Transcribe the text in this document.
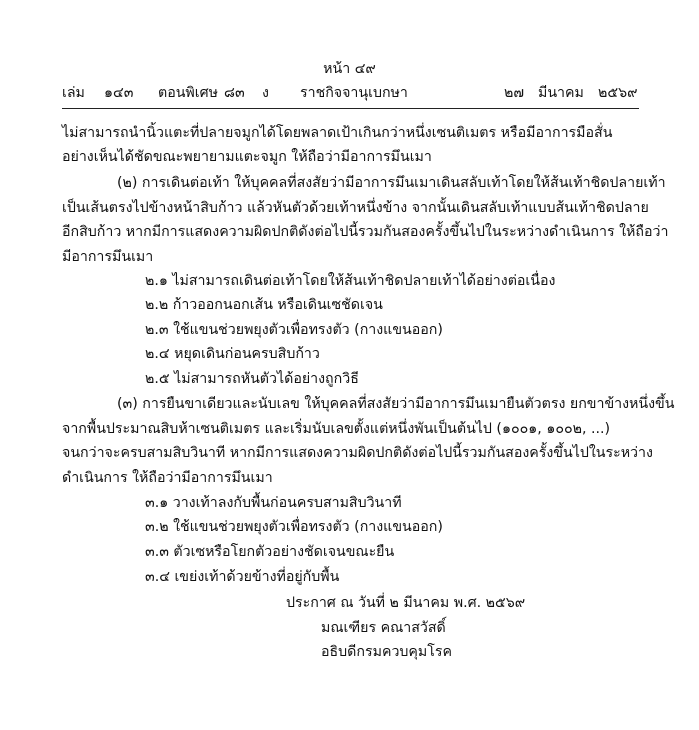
หน้า ๔๙
เล่ม ๑๔๓ ตอนพิเศษ ๘๓ ง ราชกิจจานุเบกษา	๒๗ มีนาคม ๒๕๖๙
ไม่สามารถนำนิ้วแตะที่ปลายจมูกได้โดยพลาดเป้าเกินกว่าหนึ่งเซนติเมตร หรือมีอาการมือสั่น
อย่างเห็นได้ชัดขณะพยายามแตะจมูก ให้ถือว่ามีอาการมึนเมา
(๒) การเดินต่อเท้า ให้บุคคลที่สงสัยว่ามีอาการมึนเมาเดินสลับเท้าโดยให้ส้นเท้าชิดปลายเท้า
เป็นเส้นตรงไปข้างหน้าสิบก้าว แล้วหันตัวด้วยเท้าหนึ่งข้าง จากนั้นเดินสลับเท้าแบบส้นเท้าชิดปลาย
อีกสิบก้าว หากมีการแสดงความผิดปกติดังต่อไปนี้รวมกันสองครั้งขึ้นไปในระหว่างดำเนินการ ให้ถือว่า
มีอาการมึนเมา
๒.๑ ไม่สามารถเดินต่อเท้าโดยให้ส้นเท้าชิดปลายเท้าได้อย่างต่อเนื่อง
๒.๒ ก้าวออกนอกเส้น หรือเดินเซชัดเจน
๒.๓ ใช้แขนช่วยพยุงตัวเพื่อทรงตัว (กางแขนออก)
๒.๔ หยุดเดินก่อนครบสิบก้าว
๒.๕ ไม่สามารถหันตัวได้อย่างถูกวิธี
(๓) การยืนขาเดียวและนับเลข ให้บุคคลที่สงสัยว่ามีอาการมึนเมายืนตัวตรง ยกขาข้างหนึ่งขึ้น
จากพื้นประมาณสิบห้าเซนติเมตร และเริ่มนับเลขตั้งแต่หนึ่งพันเป็นต้นไป (๑๐๐๑, ๑๐๐๒, ...)
จนกว่าจะครบสามสิบวินาที หากมีการแสดงความผิดปกติดังต่อไปนี้รวมกันสองครั้งขึ้นไปในระหว่าง
ดำเนินการ ให้ถือว่ามีอาการมึนเมา
๓.๑ วางเท้าลงกับพื้นก่อนครบสามสิบวินาที
๓.๒ ใช้แขนช่วยพยุงตัวเพื่อทรงตัว (กางแขนออก)
๓.๓ ตัวเซหรือโยกตัวอย่างชัดเจนขณะยืน
๓.๔ เขย่งเท้าด้วยข้างที่อยู่กับพื้น
ประกาศ ณ วันที่ ๒ มีนาคม พ.ศ. ๒๕๖๙
มณเฑียร คณาสวัสดิ์
อธิบดีกรมควบคุมโรค
